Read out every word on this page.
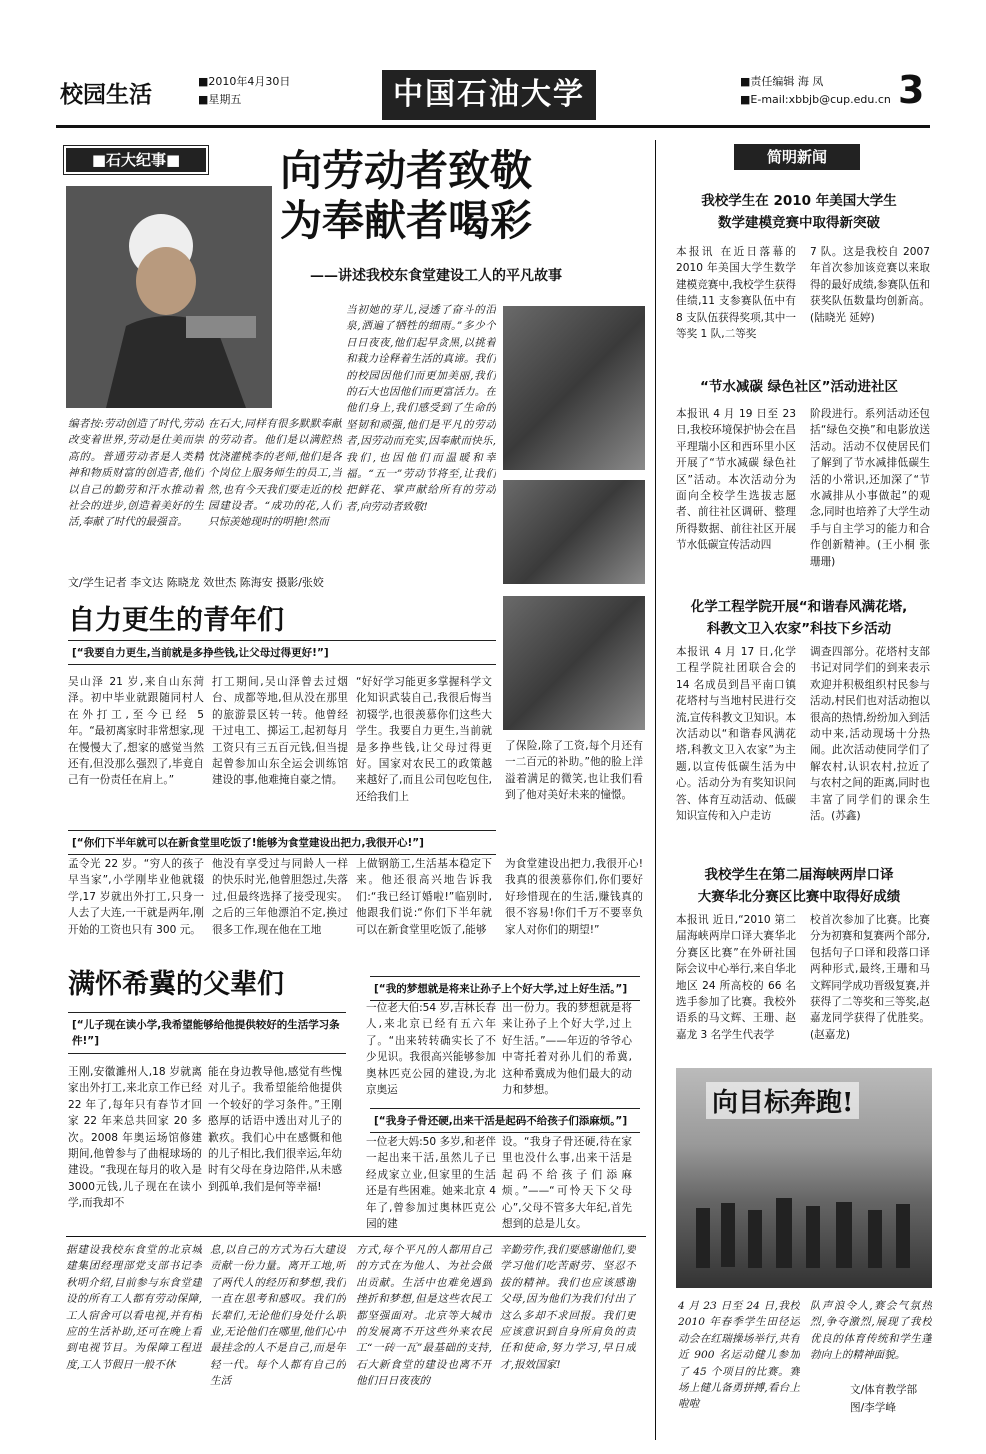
校园生活
■2010年4月30日
■星期五	中国石油大学	■责任编辑 海 凤
■E-mail:xbbjb@cup.edu.cn 3
■石大纪事■	向劳动者致敬
为奉献者喝彩
——讲述我校东食堂建设工人的平凡故事
编者按:劳动创造了时代,劳动改变着世界,劳动是仕美而崇高的。普通劳动者是人类精神和物质财富的创造者,他们以自己的勤劳和汗水推动着社会的进步,创造着美好的生活,奉献了时代的最强音。
在石大,同样有很多默默奉献的劳动者。他们是以满腔热忱浇灌桃李的老师,他们是各个岗位上服务师生的员工,当然,也有今天我们要走近的校园建设者。“成功的花,人们只惊羡她现时的明艳!然而
当初她的芽儿,浸透了奋斗的泪泉,洒遍了牺牲的细雨。”多少个日日夜夜,他们起早贪黑,以挑着和栽力诠释着生活的真谛。我们的校园因他们而更加美丽,我们的石大也因他们而更富活力。在他们身上,我们感受到了生命的坚韧和顽强,他们是平凡的劳动者,因劳动而充实,因奉献而快乐,我们,也因他们而温暖和幸福。“五一”劳动节将至,让我们把鲜花、掌声献给所有的劳动者,向劳动者致敬!
文/学生记者 李文达 陈晓龙 效世杰 陈海安 摄影/张姣
自力更生的青年们
[“我要自力更生,当前就是多挣些钱,让父母过得更好!”]
吴山泽 21 岁,来自山东菏泽。初中毕业就跟随同村人在外打工,至今已经 5 年。“最初离家时非常想家,现在慢慢大了,想家的感觉当然还有,但没那么强烈了,毕竟自己有一份责任在肩上。”
打工期间,吴山泽曾去过烟台、成都等地,但从没在那里的旅游景区转一转。他曾经干过电工、掷运工,起初每月工资只有三五百元钱,但当提起曾参加山东全运会训练馆建设的事,他难掩自豪之情。
“好好学习能更多掌握科学文化知识武装自己,我很后悔当初辍学,也很羡慕你们这些大学生。我要自力更生,当前就是多挣些钱,让父母过得更好。国家对农民工的政策越来越好了,而且公司包吃包住,还给我们上
了保险,除了工资,每个月还有一二百元的补助。”他的脸上洋溢着满足的微笑,也让我们看到了他对美好未来的憧憬。
[“你们下半年就可以在新食堂里吃饭了!能够为食堂建设出把力,我很开心!”]
孟令光 22 岁。“穷人的孩子早当家”,小学刚毕业他就辍学,17 岁就出外打工,只身一人去了大连,一干就是两年,刚开始的工资也只有 300 元。
他没有享受过与同龄人一样的快乐时光,他曾胆怨过,失落过,但最终选择了接受现实。之后的三年他漂泊不定,换过很多工作,现在他在工地
上做钢筋工,生活基本稳定下来。他还很高兴地告诉我们:“我已经订婚啦!”临别时,他跟我们说:“你们下半年就可以在新食堂里吃饭了,能够
为食堂建设出把力,我很开心!我真的很羡慕你们,你们要好好珍惜现在的生活,赚钱真的很不容易!你们千万不要辜负家人对你们的期望!”
满怀希冀的父辈们	[“我的梦想就是将来让孙子上个好大学,过上好生活。”]
[“儿子现在读小学,我希望能够给他提供较好的生活学习条件!”]
王刚,安徽濉州人,18 岁就离家出外打工,来北京工作已经 22 年了,每年只有春节才回家 22 年来总共回家 20 多次。2008 年奥运场馆修建期间,他曾参与了曲棍球场的建设。“我现在每月的收入是 3000元钱,儿子现在在读小学,而我却不
能在身边教导他,感觉有些愧对儿子。我希望能给他提供一个较好的学习条件。”王刚憨厚的话语中透出对儿子的歉疚。我们心中在感慨和他的儿子相比,我们很幸运,年幼时有父母在身边陪伴,从未感到孤单,我们是何等幸福!
一位老大伯:54 岁,吉林长春人,来北京已经有五六年了。“出来转转确实长了不少见识。我很高兴能够参加奥林匹克公园的建设,为北京奥运
出一份力。我的梦想就是将来让孙子上个好大学,过上好生活。”——年迈的爷爷心中寄托着对孙儿们的希冀,这种希冀成为他们最大的动力和梦想。
[“我身子骨还硬,出来干活是起码不给孩子们添麻烦。”]
一位老大妈:50 多岁,和老伴一起出来干活,虽然儿子已经成家立业,但家里的生活还是有些困难。她来北京 4 年了,曾参加过奥林匹克公园的建
设。“我身子骨还硬,待在家里也没什么事,出来干活是起码不给孩子们添麻烦。”——“可怜天下父母心”,父母不管多大年纪,首先想到的总是儿女。
据建设我校东食堂的北京城建集团经理部党支部书记李秋明介绍,目前参与东食堂建设的所有工人都有劳动保障,工人宿舍可以看电视,并有相应的生活补助,还可在晚上看到电视节目。为保障工程进度,工人节假日一般不休
息,以自己的方式为石大建设贡献一份力量。离开工地,听了两代人的经历和梦想,我们一直在思考和感叹。我们的长辈们,无论他们身处什么职业,无论他们在哪里,他们心中最挂念的人不是自己,而是年轻一代。每个人都有自己的生活
方式,每个平凡的人都用自己的方式在为他人、为社会做出贡献。生活中也难免遇到挫折和梦想,但是这些农民工都坚强面对。北京等大城市的发展离不开这些外来农民工“一砖一瓦”最基础的支持,石大新食堂的建设也离不开他们日日夜夜的
辛勤劳作,我们要感谢他们,要学习他们吃苦耐劳、坚忍不拔的精神。我们也应该感谢父母,因为他们为我们付出了这么多却不求回报。我们更应该意识到自身所肩负的责任和使命,努力学习,早日成才,报效国家!
简明新闻
我校学生在 2010 年美国大学生
数学建模竞赛中取得新突破
本报讯 在近日落幕的 2010 年美国大学生数学建模竞赛中,我校学生获得佳绩,11 支参赛队伍中有 8 支队伍获得奖项,其中一等奖 1 队,二等奖
7 队。这是我校自 2007 年首次参加该竞赛以来取得的最好成绩,参赛队伍和获奖队伍数量均创新高。(陆晓光 延婷)
“节水减碳 绿色社区”活动进社区
本报讯 4 月 19 日至 23 日,我校环境保护协会在昌平理瑞小区和西环里小区开展了“节水减碳 绿色社区”活动。本次活动分为面向全校学生选拔志愿者、前往社区调研、整理所得数据、前往社区开展节水低碳宣传活动四
阶段进行。系列活动还包括“绿色交换”和电影放送活动。活动不仅使居民们了解到了节水减排低碳生活的小常识,还加深了“节水减排从小事做起”的观念,同时也培养了大学生动手与自主学习的能力和合作创新精神。(王小桐 张珊珊)
化学工程学院开展“和谐春风满花塔,
科教文卫入农家”科技下乡活动
本报讯 4 月 17 日,化学工程学院社团联合会的 14 名成员到昌平南口镇花塔村与当地村民进行交流,宣传科教文卫知识。本次活动以“和谐春风满花塔,科教文卫入农家”为主题,以宣传低碳生活为中心。活动分为有奖知识问答、体育互动活动、低碳知识宣传和入户走访
调查四部分。花塔村支部书记对同学们的到来表示欢迎并积极组织村民参与活动,村民们也对活动抱以很高的热情,纷纷加入到活动中来,活动现场十分热闹。此次活动使同学们了解农村,认识农村,拉近了与农村之间的距离,同时也丰富了同学们的课余生活。(苏鑫)
我校学生在第二届海峡两岸口译
大赛华北分赛区比赛中取得好成绩
本报讯 近日,“2010 第二届海峡两岸口译大赛华北分赛区比赛”在外研社国际会议中心举行,来自华北地区 24 所高校的 66 名选手参加了比赛。我校外语系的马文辉、王珊、赵嘉龙 3 名学生代表学
校首次参加了比赛。比赛分为初赛和复赛两个部分,包括句子口译和段落口译两种形式,最终,王珊和马文辉同学成功晋级复赛,并获得了二等奖和三等奖,赵嘉龙同学获得了优胜奖。(赵嘉龙)
向目标奔跑!
4 月 23 日至 24 日,我校 2010 年春季学生田径运动会在红瑞操场举行,共有近 900 名运动健儿参加了 45 个项目的比赛。赛场上健儿备勇拼搏,看台上啦啦
队声浪令人,赛会气氛热烈,争夺激烈,展现了我校优良的体育传统和学生蓬勃向上的精神面貌。
文/体育教学部
图/李学峰
